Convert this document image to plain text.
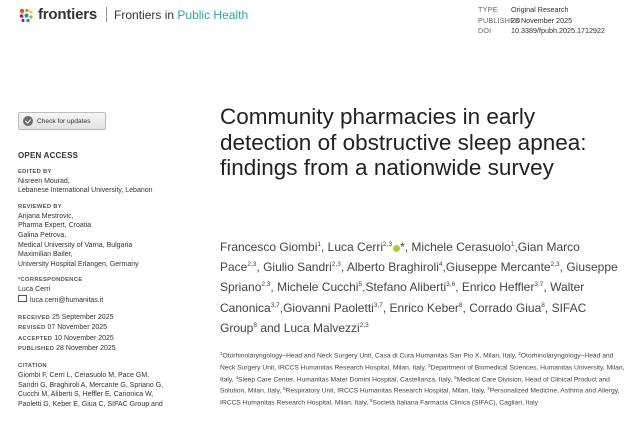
frontiers Frontiers in Public Health	TYPE Original Research
PUBLISHED28 November 2025
DOI	10.3389/fpubh.2025.1712922
Check for updates
OPEN ACCESS
EDITED BY
Nisreen Mourad,
Lebanese International University, Lebanon
REVIEWED BY
Arijana Mestrovic,
Pharma Expert, Croatia
Galina Petrova,
Medical University of Varna, Bulgaria
Maximilian Bailer,
University Hospital Erlangen, Germany
*CORRESPONDENCE
Luca Cerri
luca.cerri@humanitas.it
RECEIVED 25 September 2025
REVISED 07 November 2025
ACCEPTED 10 November 2025
PUBLISHED 28 November 2025
CITATION
Giombi F, Cerri L, Cerasuolo M, Pace GM,
Sandri G, Braghiroli A, Mercante G, Spriano G,
Cucchi M, Aliberti S, Heffler E, Canonica W,
Paoletti G, Keber E, Giua C, SIFAC Group and
Community pharmacies in early detection of obstructive sleep apnea: findings from a nationwide survey
Francesco Giombi$^1$, Luca Cerri$^{2,3}$ *, Michele Cerasuolo$^1$,Gian Marco Pace$^{2,3}$, Giulio Sandri$^{2,3}$, Alberto Braghiroli$^4$,Giuseppe Mercante$^{2,3}$, Giuseppe Spriano$^{2,3}$, Michele Cucchi$^5$,Stefano Aliberti$^{3,6}$, Enrico Heffler$^{3,7}$, Walter Canonica$^{3,7}$,Giovanni Paoletti$^{3,7}$, Enrico Keber$^8$, Corrado Giua$^8$, SIFAC Group$^8$ and Luca Malvezzi$^{2,3}$
$^1$Otorhinolaryngology–Head and Neck Surgery Unit, Casa di Cura Humanitas San Pio X, Milan, Italy, $^2$Otorhinolaryngology–Head and Neck Surgery Unit, IRCCS Humanitas Research Hospital, Milan, Italy, $^3$Department of Biomedical Sciences, Humanitas University, Milan, Italy, $^4$Sleep Care Center, Humanitas Mater Domini Hospital, Castellanza, Italy, $^5$Medical Care Division, Head of Clinical Product and Solution, Milan, Italy, $^6$Respiratory Unit, IRCCS Humanitas Research Hospital, Milan, Italy, $^7$Personalized Medicine, Asthma and Allergy, IRCCS Humanitas Research Hospital, Milan, Italy, $^8$Società Italiana Farmacia Clinica (SIFAC), Cagliari, Italy
